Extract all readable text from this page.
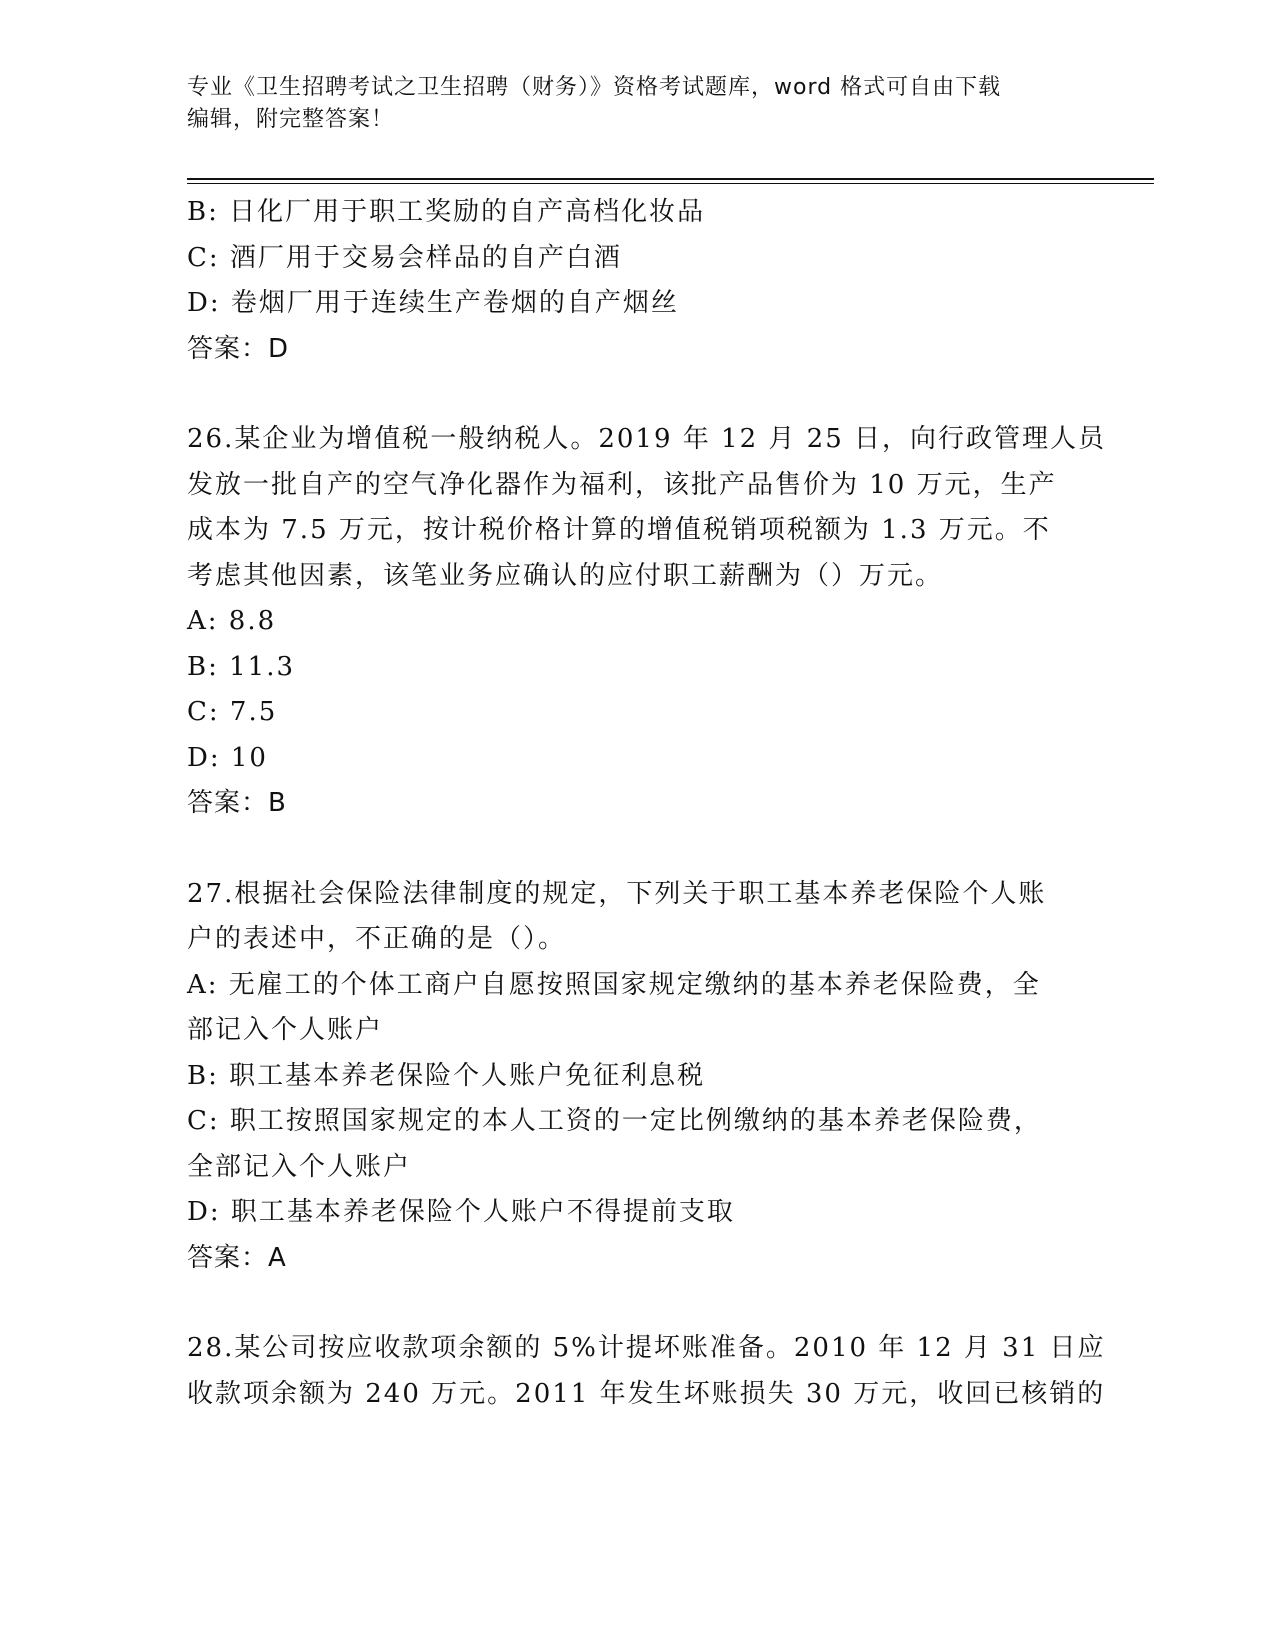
专业《卫生招聘考试之卫生招聘（财务）》资格考试题库，word 格式可自由下载

编辑，附完整答案！

B: 日化厂用于职工奖励的自产高档化妆品

C: 酒厂用于交易会样品的自产白酒

D: 卷烟厂用于连续生产卷烟的自产烟丝

答案：D

26.某企业为增值税一般纳税人。2019 年 12 月 25 日，向行政管理人员

发放一批自产的空气净化器作为福利，该批产品售价为 10 万元，生产

成本为 7.5 万元，按计税价格计算的增值税销项税额为 1.3 万元。不

考虑其他因素，该笔业务应确认的应付职工薪酬为（）万元。

A: 8.8

B: 11.3

C: 7.5

D: 10

答案：B

27.根据社会保险法律制度的规定，下列关于职工基本养老保险个人账

户的表述中，不正确的是（）。

A: 无雇工的个体工商户自愿按照国家规定缴纳的基本养老保险费，全

部记入个人账户

B: 职工基本养老保险个人账户免征利息税

C: 职工按照国家规定的本人工资的一定比例缴纳的基本养老保险费，

全部记入个人账户

D: 职工基本养老保险个人账户不得提前支取

答案：A

28.某公司按应收款项余额的 5%计提坏账准备。2010 年 12 月 31 日应

收款项余额为 240 万元。2011 年发生坏账损失 30 万元，收回已核销的
